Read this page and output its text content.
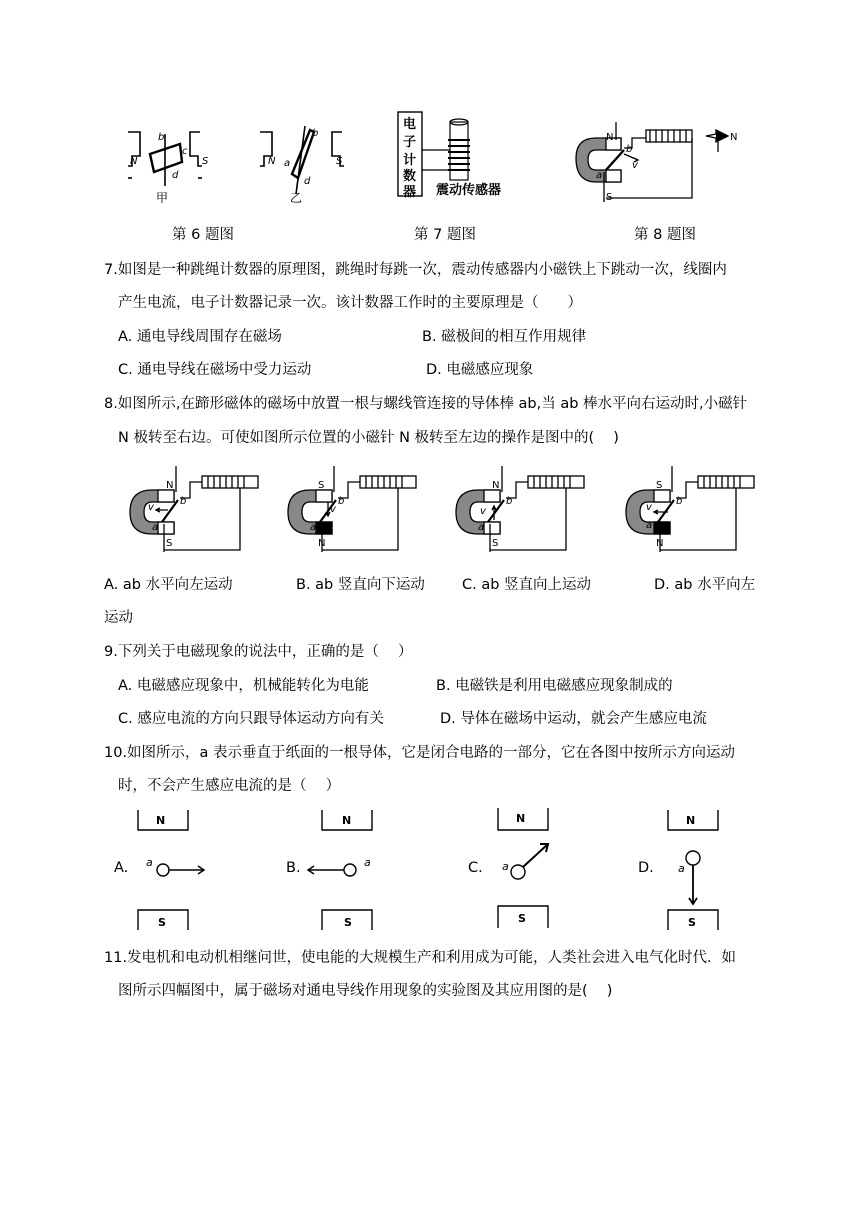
N	S
b
c
d
N	S
b
a
d
甲	乙
电
子
计
数
器 震动传感器
N
S
b
a
v
N
第 6 题图	第 7 题图	第 8 题图
7.如图是一种跳绳计数器的原理图，跳绳时每跳一次，震动传感器内小磁铁上下跳动一次，线圈内
产生电流，电子计数器记录一次。该计数器工作时的主要原理是（　　）
A. 通电导线周围存在磁场	B. 磁极间的相互作用规律
C. 通电导线在磁场中受力运动	D. 电磁感应现象
8.如图所示,在蹄形磁体的磁场中放置一根与螺线管连接的导体棒 ab,当 ab 棒水平向右运动时,小磁针
N 极转至右边。可使如图所示位置的小磁针 N 极转至左边的操作是图中的(　 )
N
S
b
a
v
S
N
b
a
v
N
S
b
a
v
S
N
b
a
v
A. ab 水平向左运动	B. ab 竖直向下运动	C. ab 竖直向上运动	D. ab 水平向左
运动
9.下列关于电磁现象的说法中，正确的是（　 ）
A. 电磁感应现象中，机械能转化为电能	B. 电磁铁是利用电磁感应现象制成的
C. 感应电流的方向只跟导体运动方向有关	D. 导体在磁场中运动，就会产生感应电流
10.如图所示，a 表示垂直于纸面的一根导体，它是闭合电路的一部分，它在各图中按所示方向运动
时，不会产生感应电流的是（　 ）
A.
N
S
a	B.
N
S
a	C.
N
S
a	D.
N
S
a
11.发电机和电动机相继问世，使电能的大规模生产和利用成为可能，人类社会进入电气化时代．如
图所示四幅图中，属于磁场对通电导线作用现象的实验图及其应用图的是(　 )
